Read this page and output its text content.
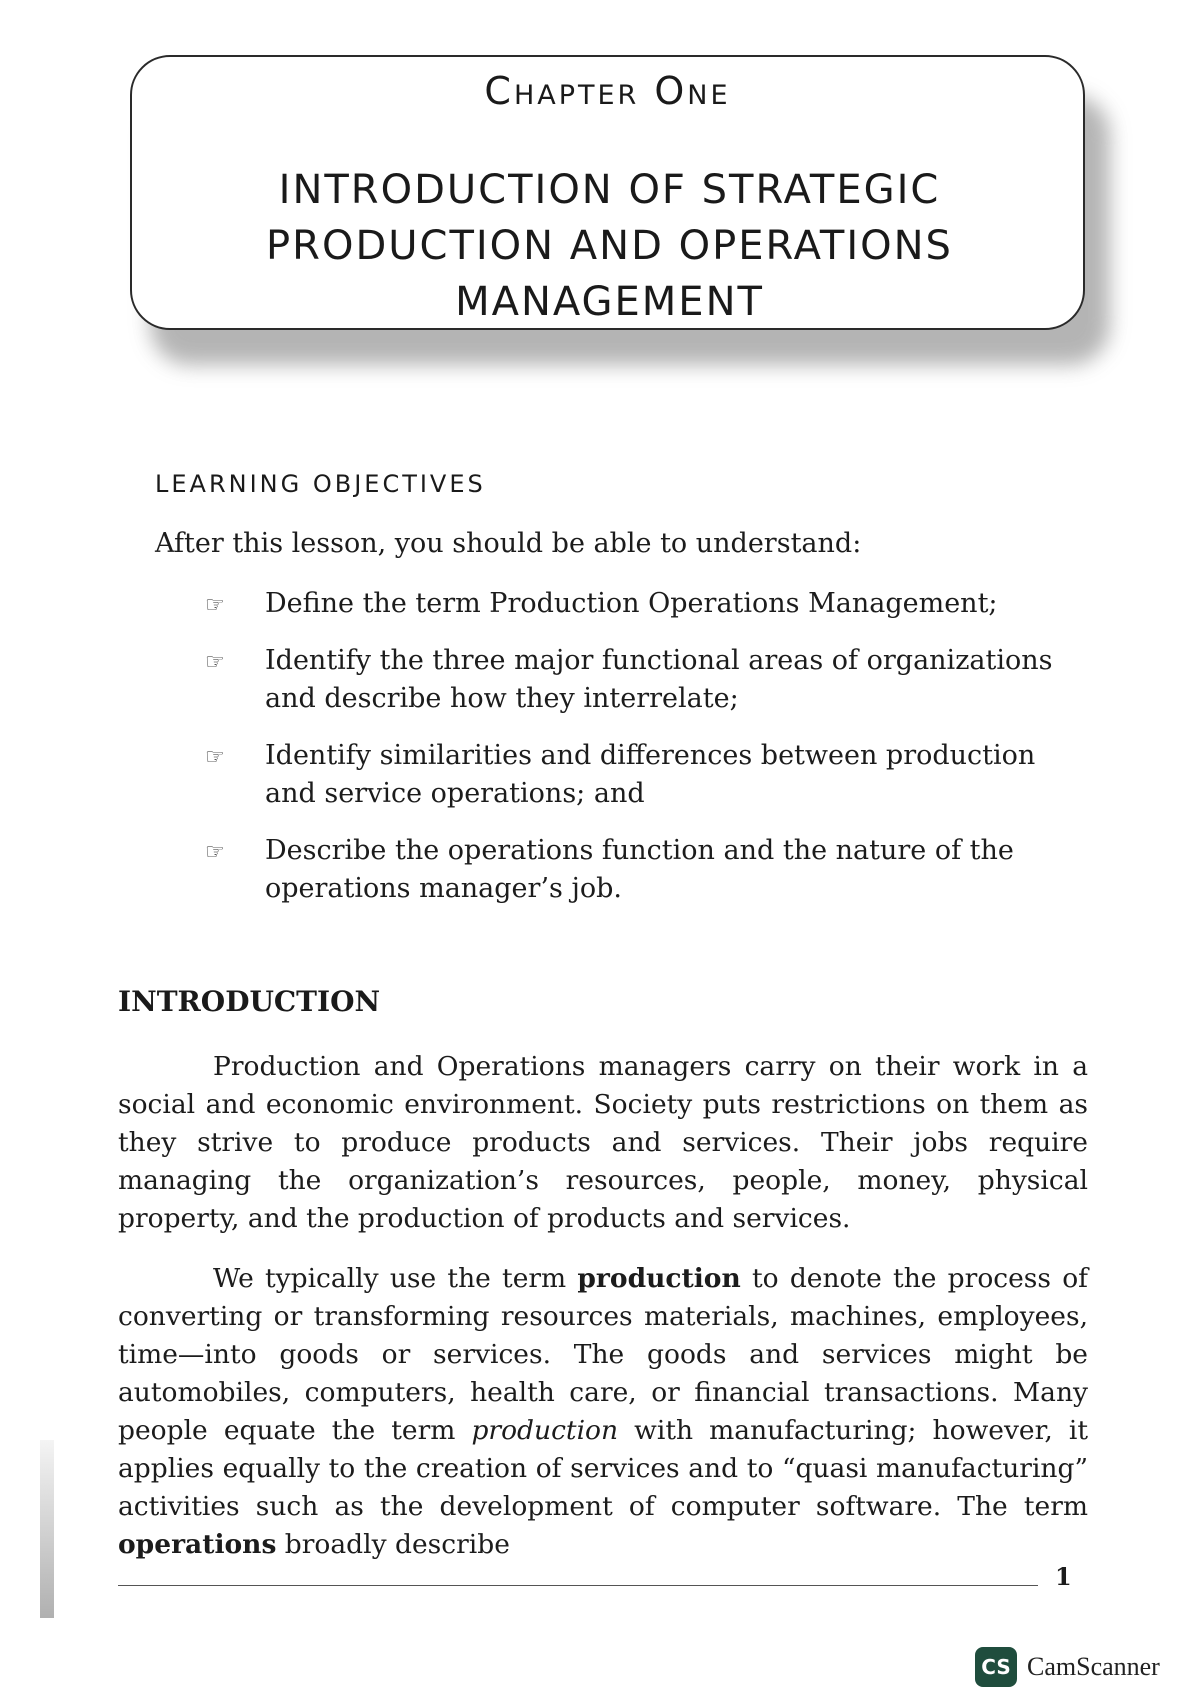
Chapter One
INTRODUCTION OF STRATEGIC
PRODUCTION AND OPERATIONS
MANAGEMENT
LEARNING OBJECTIVES
After this lesson, you should be able to understand:
☞ Define the term Production Operations Management;
☞ Identify the three major functional areas of organizations and describe how they interrelate;
☞ Identify similarities and differences between production and service operations; and
☞ Describe the operations function and the nature of the operations manager’s job.
INTRODUCTION

Production and Operations managers carry on their work in a social and economic environment. Society puts restrictions on them as they strive to produce products and services. Their jobs require managing the organization’s resources, people, money, physical property, and the production of products and services.

We typically use the term production to denote the process of converting or transforming resources materials, machines, employees, time—into goods or services. The goods and services might be automobiles, computers, health care, or financial transactions. Many people equate the term production with manufacturing; however, it applies equally to the creation of services and to “quasi manufacturing” activities such as the development of computer software. The term operations broadly describe

1
CS CamScanner
